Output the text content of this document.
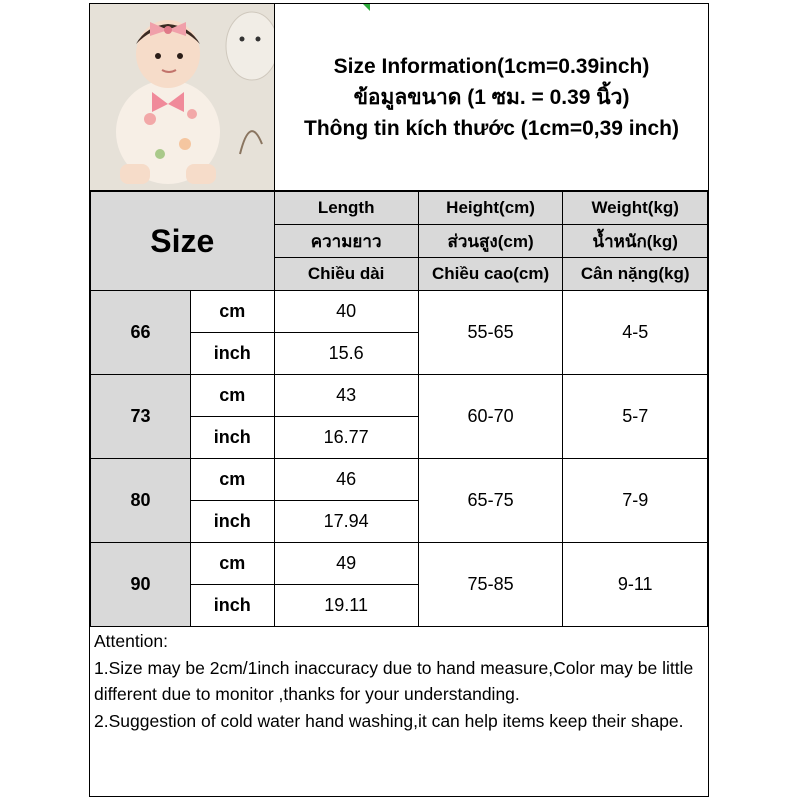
Size Information(1cm=0.39inch)
ข้อมูลขนาด (1 ซม. = 0.39 นิ้ว)
Thông tin kích thước (1cm=0,39 inch)
Size		Length	Height(cm)	Weight(kg)
		ความยาว	ส่วนสูง(cm)	น้ำหนัก(kg)
		Chiều dài	Chiều cao(cm)	Cân nặng(kg)
66	cm	40	55-65	4-5
	inch	15.6		
73	cm	43	60-70	5-7
	inch	16.77		
80	cm	46	65-75	7-9
	inch	17.94		
90	cm	49	75-85	9-11
	inch	19.11		
Attention:
1.Size may be 2cm/1inch inaccuracy due to hand measure,Color may be little different due to monitor ,thanks for your understanding.
2.Suggestion of cold water hand washing,it can help items keep their shape.
